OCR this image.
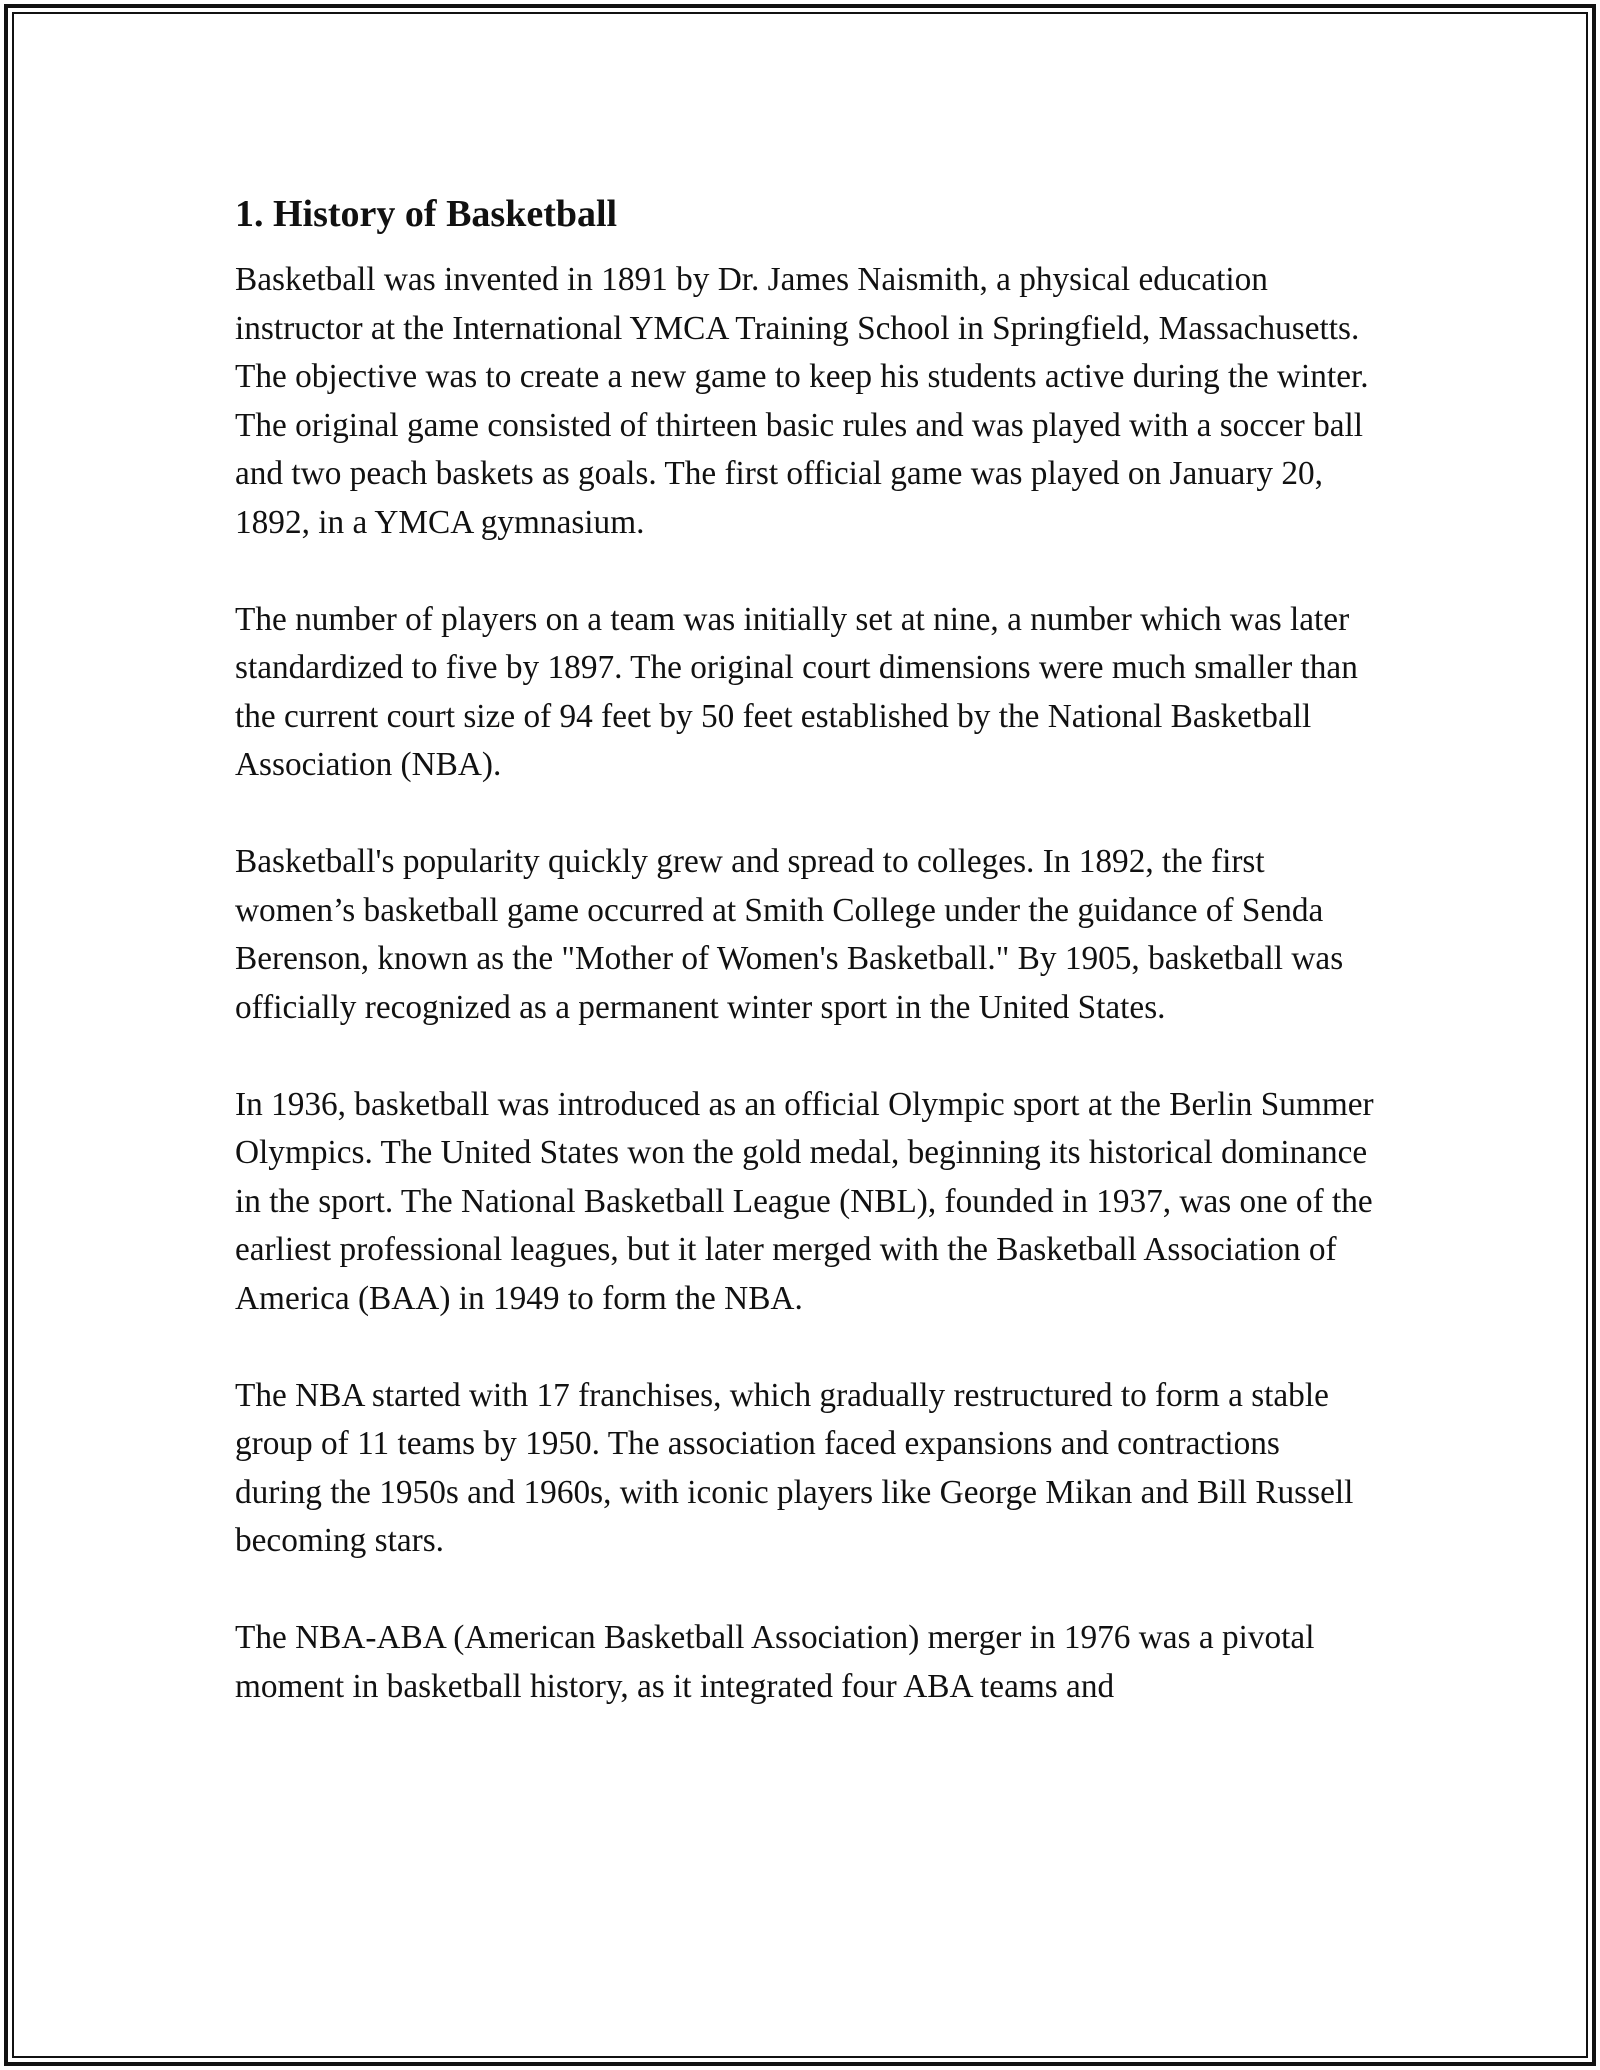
1. History of Basketball

Basketball was invented in 1891 by Dr. James Naismith, a physical education instructor at the International YMCA Training School in Springfield, Massachusetts. The objective was to create a new game to keep his students active during the winter. The original game consisted of thirteen basic rules and was played with a soccer ball and two peach baskets as goals. The first official game was played on January 20, 1892, in a YMCA gymnasium.

The number of players on a team was initially set at nine, a number which was later standardized to five by 1897. The original court dimensions were much smaller than the current court size of 94 feet by 50 feet established by the National Basketball Association (NBA).

Basketball's popularity quickly grew and spread to colleges. In 1892, the first women’s basketball game occurred at Smith College under the guidance of Senda Berenson, known as the "Mother of Women's Basketball." By 1905, basketball was officially recognized as a permanent winter sport in the United States.

In 1936, basketball was introduced as an official Olympic sport at the Berlin Summer Olympics. The United States won the gold medal, beginning its historical dominance in the sport. The National Basketball League (NBL), founded in 1937, was one of the earliest professional leagues, but it later merged with the Basketball Association of America (BAA) in 1949 to form the NBA.

The NBA started with 17 franchises, which gradually restructured to form a stable group of 11 teams by 1950. The association faced expansions and contractions during the 1950s and 1960s, with iconic players like George Mikan and Bill Russell becoming stars.

The NBA-ABA (American Basketball Association) merger in 1976 was a pivotal moment in basketball history, as it integrated four ABA teams and
